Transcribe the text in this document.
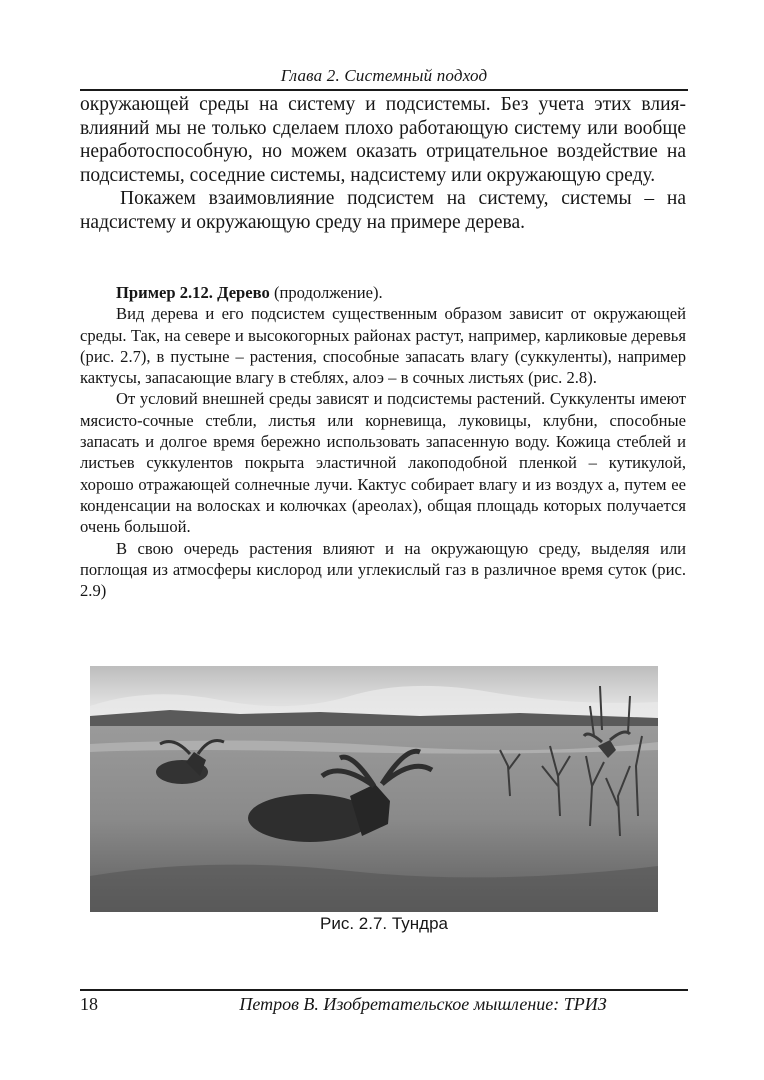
Глава 2. Системный подход

окружающей среды на систему и подсистемы. Без учета этих влия-влияний мы не только сделаем плохо работающую систему или вообще неработоспособную, но можем оказать отрицательное воздействие на подсистемы, соседние системы, надсистему или окружающую среду.

Покажем взаимовлияние подсистем на систему, системы – на надсистему и окружающую среду на примере дерева.

Пример 2.12. Дерево (продолжение).

Вид дерева и его подсистем существенным образом зависит от окружающей среды. Так, на севере и высокогорных районах растут, например, карликовые деревья (рис. 2.7), в пустыне – растения, способные запасать влагу (суккуленты), например кактусы, запасающие влагу в стеблях, алоэ – в сочных листьях (рис. 2.8).

От условий внешней среды зависят и подсистемы растений. Суккуленты имеют мясисто-сочные стебли, листья или корневища, луковицы, клубни, способные запасать и долгое время бережно использовать запасенную воду. Кожица стеблей и листьев суккулентов покрыта эластичной лакоподобной пленкой – кутикулой, хорошо отражающей солнечные лучи. Кактус собирает влагу и из воздух а, путем ее конденсации на волосках и колючках (ареолах), общая площадь которых получается очень большой.

В свою очередь растения влияют и на окружающую среду, выделяя или поглощая из атмосферы кислород или углекислый газ в различное время суток (рис. 2.9)

Рис. 2.7. Тундра
18	Петров В. Изобретательское мышление: ТРИЗ
